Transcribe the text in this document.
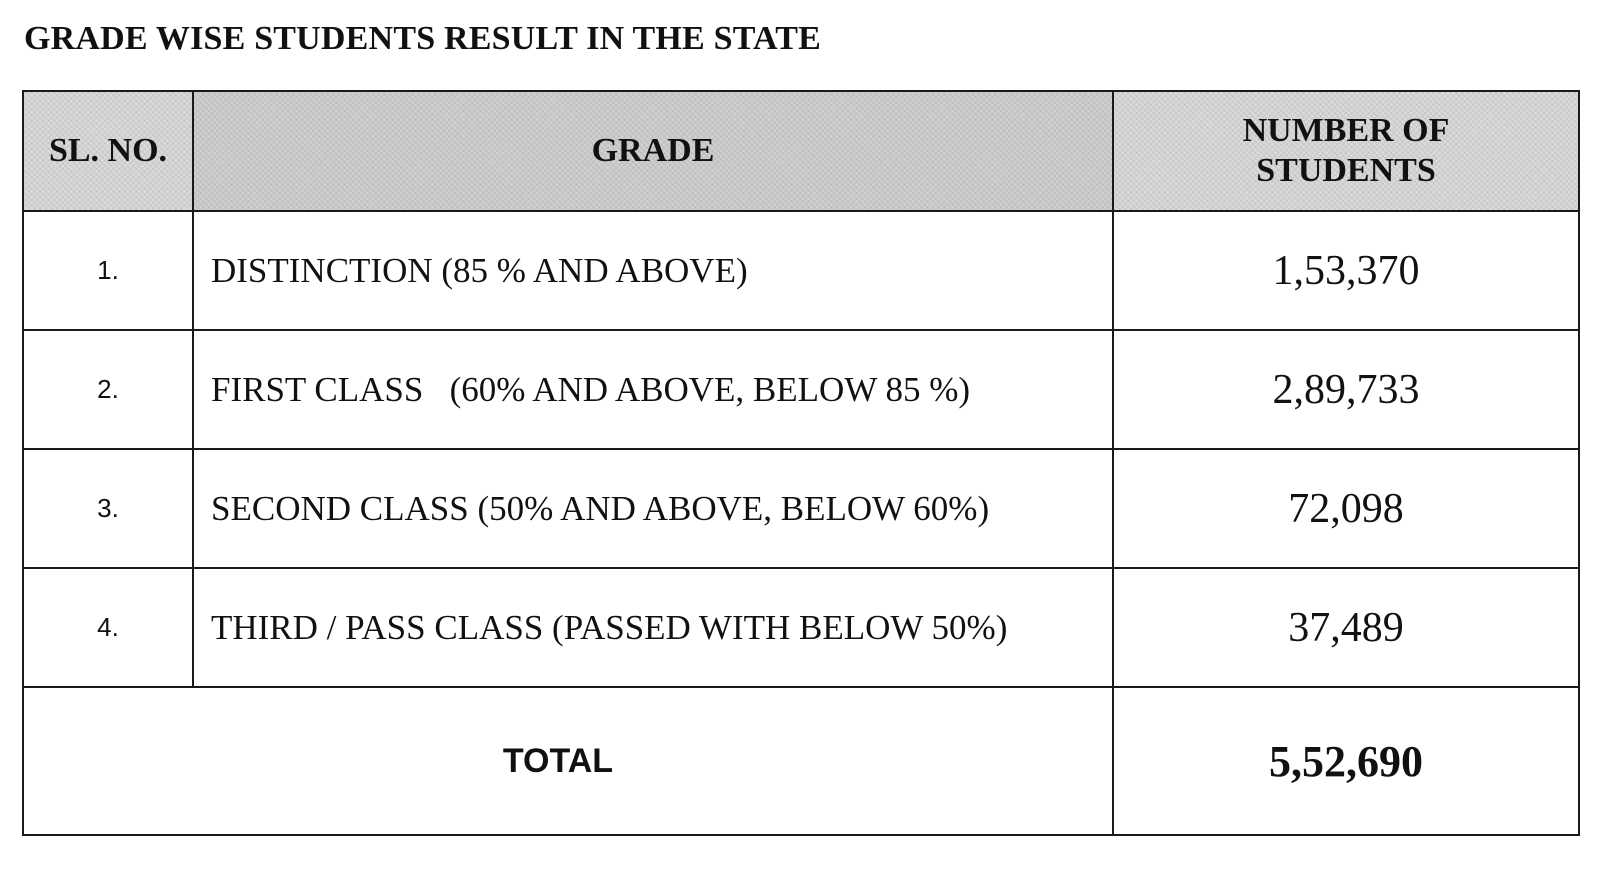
GRADE WISE STUDENTS RESULT IN THE STATE
SL. NO.	GRADE	NUMBER OF
STUDENTS
1.	DISTINCTION (85 % AND ABOVE)	1,53,370
2.	FIRST CLASS   (60% AND ABOVE, BELOW 85 %)	2,89,733
3.	SECOND CLASS (50% AND ABOVE, BELOW 60%)	72,098
4.	THIRD / PASS CLASS (PASSED WITH BELOW 50%)	37,489
TOTAL		5,52,690
